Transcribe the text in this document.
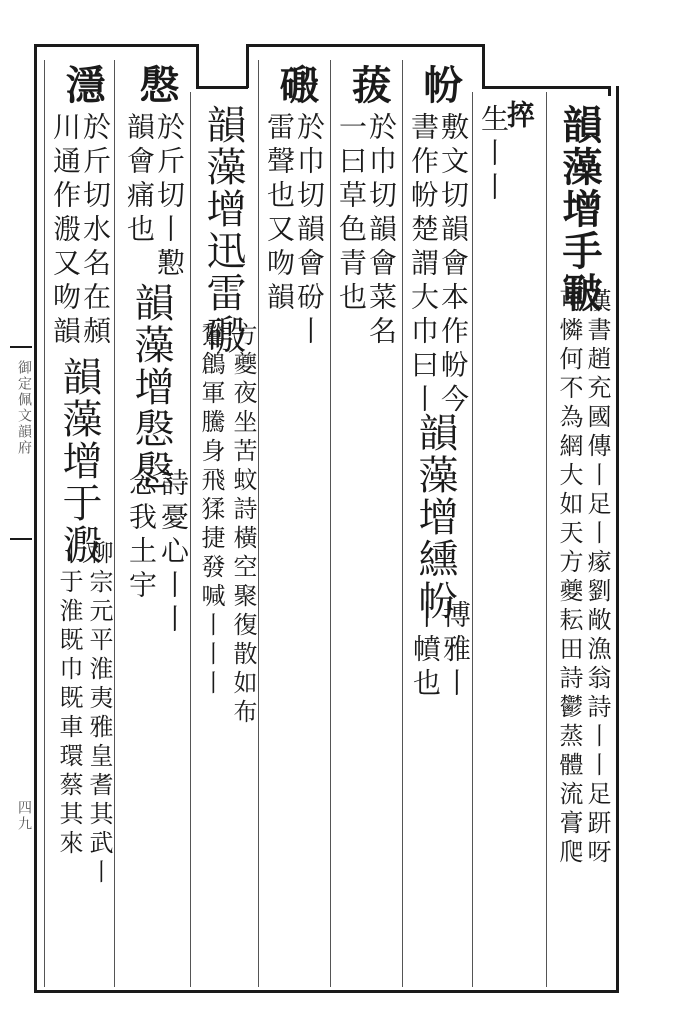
韻藻增手皸
漢書趙充國傳丨足丨瘃劉敞漁翁詩丨丨足趼呀
可憐何不為網大如天方夔耘田詩鬱蒸體流膏爬
捽
生丨丨
帉
敷文切韻會本作帉今
書作帉楚謂大巾曰丨
韻藻增纁帉
博雅丨
丨幩也
菝
於巾切韻會菜名
一曰草色青也
磤
於巾切韻會砏丨
雷聲也又吻韻
韻藻增迅雷磤
方夔夜坐苦蚊詩橫空聚復散如布
鶖鶬軍騰身飛猱捷發喊丨丨丨
慇
於斤切丨懃
韻會痛也
韻藻增慇慇
詩憂心丨丨
念我土宇
濦
於斤切水名在頳
川通作溵又吻韻
韻藻增于溵
柳宗元平淮夷雅皇耆其武丨
丨于淮既巾既車環蔡其來
御定佩文韻府
四九
